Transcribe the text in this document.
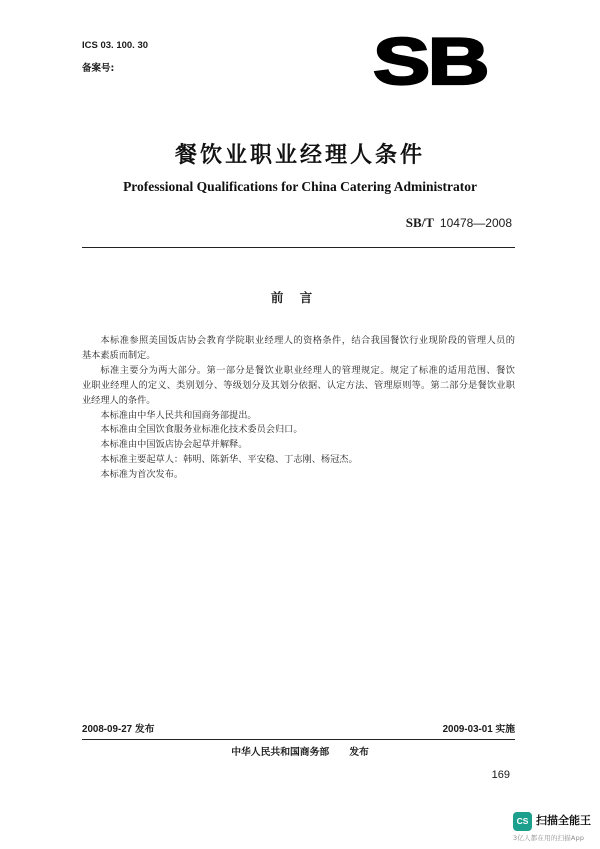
ICS 03. 100. 30
备案号:	SB
餐饮业职业经理人条件
Professional Qualifications for China Catering Administrator
SB/T 10478—2008
前 言
本标准参照美国饭店协会教育学院职业经理人的资格条件，结合我国餐饮行业现阶段的管理人员的
基本素质而制定。
标准主要分为两大部分。第一部分是餐饮业职业经理人的管理规定。规定了标准的适用范围、餐饮
业职业经理人的定义、类别划分、等级划分及其划分依据、认定方法、管理原则等。第二部分是餐饮业职
业经理人的条件。
本标准由中华人民共和国商务部提出。
本标准由全国饮食服务业标准化技术委员会归口。
本标准由中国饭店协会起草并解释。
本标准主要起草人：韩明、陈新华、平安稳、丁志刚、杨冠杰。
本标准为首次发布。
2008-09-27 发布	2009-03-01 实施
中华人民共和国商务部 发布
169
CS 扫描全能王
3亿人都在用的扫描App
